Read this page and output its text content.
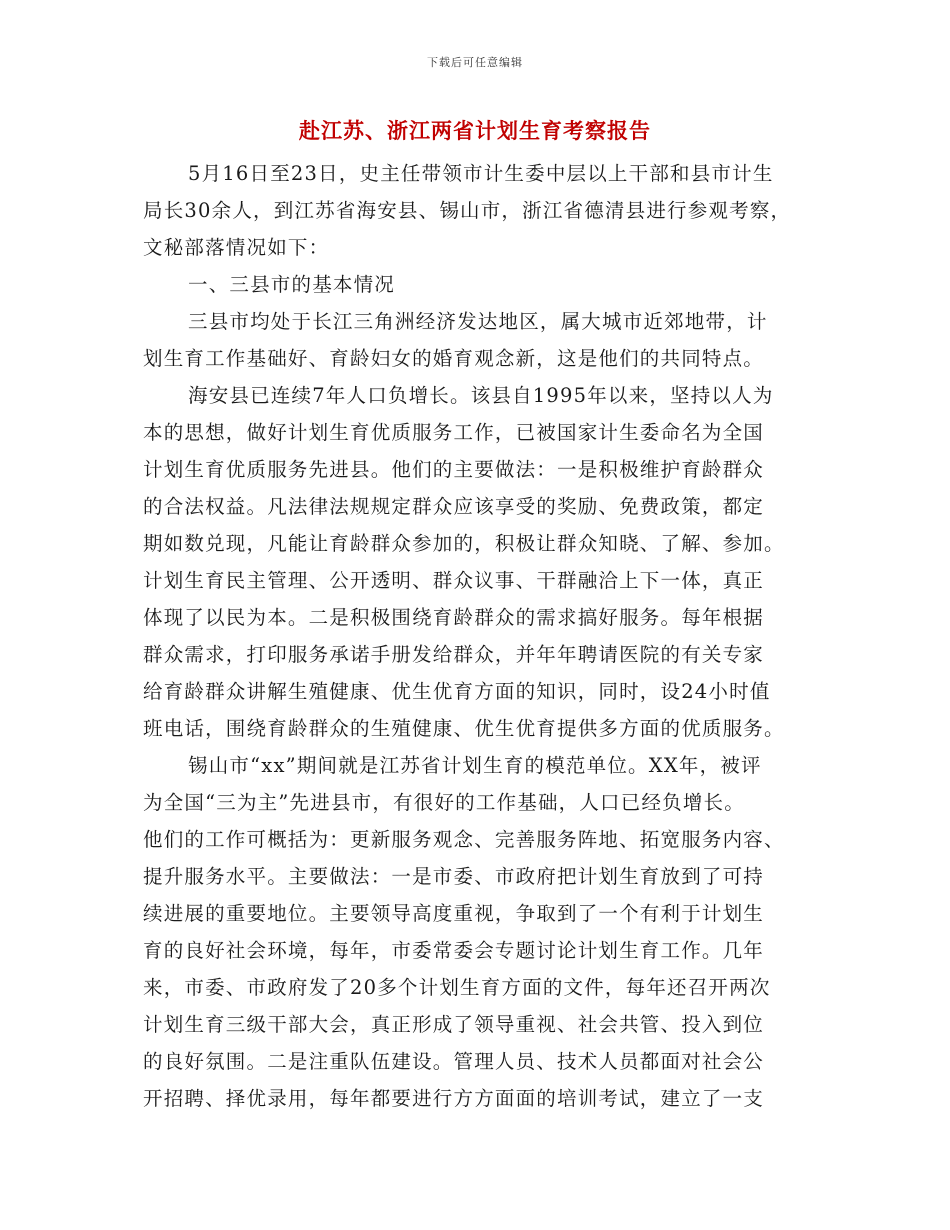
下载后可任意编辑
赴江苏、浙江两省计划生育考察报告
5月16日至23日，史主任带领市计生委中层以上干部和县市计生
局长30余人，到江苏省海安县、锡山市，浙江省德清县进行参观考察，
文秘部落情况如下：
一、三县市的基本情况
三县市均处于长江三角洲经济发达地区，属大城市近郊地带，计
划生育工作基础好、育龄妇女的婚育观念新，这是他们的共同特点。
海安县已连续7年人口负增长。该县自1995年以来，坚持以人为
本的思想，做好计划生育优质服务工作，已被国家计生委命名为全国
计划生育优质服务先进县。他们的主要做法：一是积极维护育龄群众
的合法权益。凡法律法规规定群众应该享受的奖励、免费政策，都定
期如数兑现，凡能让育龄群众参加的，积极让群众知晓、了解、参加。
计划生育民主管理、公开透明、群众议事、干群融洽上下一体，真正
体现了以民为本。二是积极围绕育龄群众的需求搞好服务。每年根据
群众需求，打印服务承诺手册发给群众，并年年聘请医院的有关专家
给育龄群众讲解生殖健康、优生优育方面的知识，同时，设24小时值
班电话，围绕育龄群众的生殖健康、优生优育提供多方面的优质服务。
锡山市“xx”期间就是江苏省计划生育的模范单位。XX年，被评
为全国“三为主”先进县市，有很好的工作基础，人口已经负增长。
他们的工作可概括为：更新服务观念、完善服务阵地、拓宽服务内容、
提升服务水平。主要做法：一是市委、市政府把计划生育放到了可持
续进展的重要地位。主要领导高度重视，争取到了一个有利于计划生
育的良好社会环境，每年，市委常委会专题讨论计划生育工作。几年
来，市委、市政府发了20多个计划生育方面的文件，每年还召开两次
计划生育三级干部大会，真正形成了领导重视、社会共管、投入到位
的良好氛围。二是注重队伍建设。管理人员、技术人员都面对社会公
开招聘、择优录用，每年都要进行方方面面的培训考试，建立了一支
